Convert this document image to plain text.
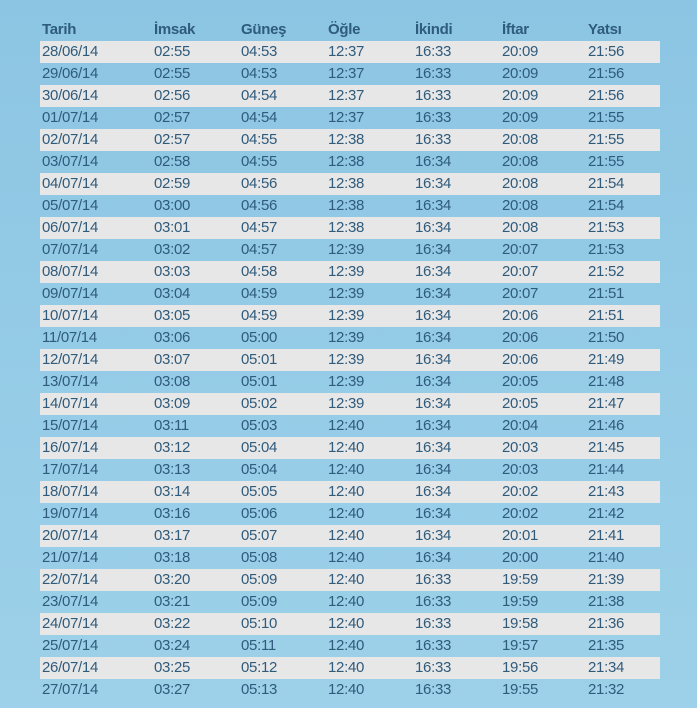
Tarih	İmsak	Güneş	Öğle	İkindi	İftar	Yatsı
28/06/14	02:55	04:53	12:37	16:33	20:09	21:56
29/06/14	02:55	04:53	12:37	16:33	20:09	21:56
30/06/14	02:56	04:54	12:37	16:33	20:09	21:56
01/07/14	02:57	04:54	12:37	16:33	20:09	21:55
02/07/14	02:57	04:55	12:38	16:33	20:08	21:55
03/07/14	02:58	04:55	12:38	16:34	20:08	21:55
04/07/14	02:59	04:56	12:38	16:34	20:08	21:54
05/07/14	03:00	04:56	12:38	16:34	20:08	21:54
06/07/14	03:01	04:57	12:38	16:34	20:08	21:53
07/07/14	03:02	04:57	12:39	16:34	20:07	21:53
08/07/14	03:03	04:58	12:39	16:34	20:07	21:52
09/07/14	03:04	04:59	12:39	16:34	20:07	21:51
10/07/14	03:05	04:59	12:39	16:34	20:06	21:51
11/07/14	03:06	05:00	12:39	16:34	20:06	21:50
12/07/14	03:07	05:01	12:39	16:34	20:06	21:49
13/07/14	03:08	05:01	12:39	16:34	20:05	21:48
14/07/14	03:09	05:02	12:39	16:34	20:05	21:47
15/07/14	03:11	05:03	12:40	16:34	20:04	21:46
16/07/14	03:12	05:04	12:40	16:34	20:03	21:45
17/07/14	03:13	05:04	12:40	16:34	20:03	21:44
18/07/14	03:14	05:05	12:40	16:34	20:02	21:43
19/07/14	03:16	05:06	12:40	16:34	20:02	21:42
20/07/14	03:17	05:07	12:40	16:34	20:01	21:41
21/07/14	03:18	05:08	12:40	16:34	20:00	21:40
22/07/14	03:20	05:09	12:40	16:33	19:59	21:39
23/07/14	03:21	05:09	12:40	16:33	19:59	21:38
24/07/14	03:22	05:10	12:40	16:33	19:58	21:36
25/07/14	03:24	05:11	12:40	16:33	19:57	21:35
26/07/14	03:25	05:12	12:40	16:33	19:56	21:34
27/07/14	03:27	05:13	12:40	16:33	19:55	21:32
